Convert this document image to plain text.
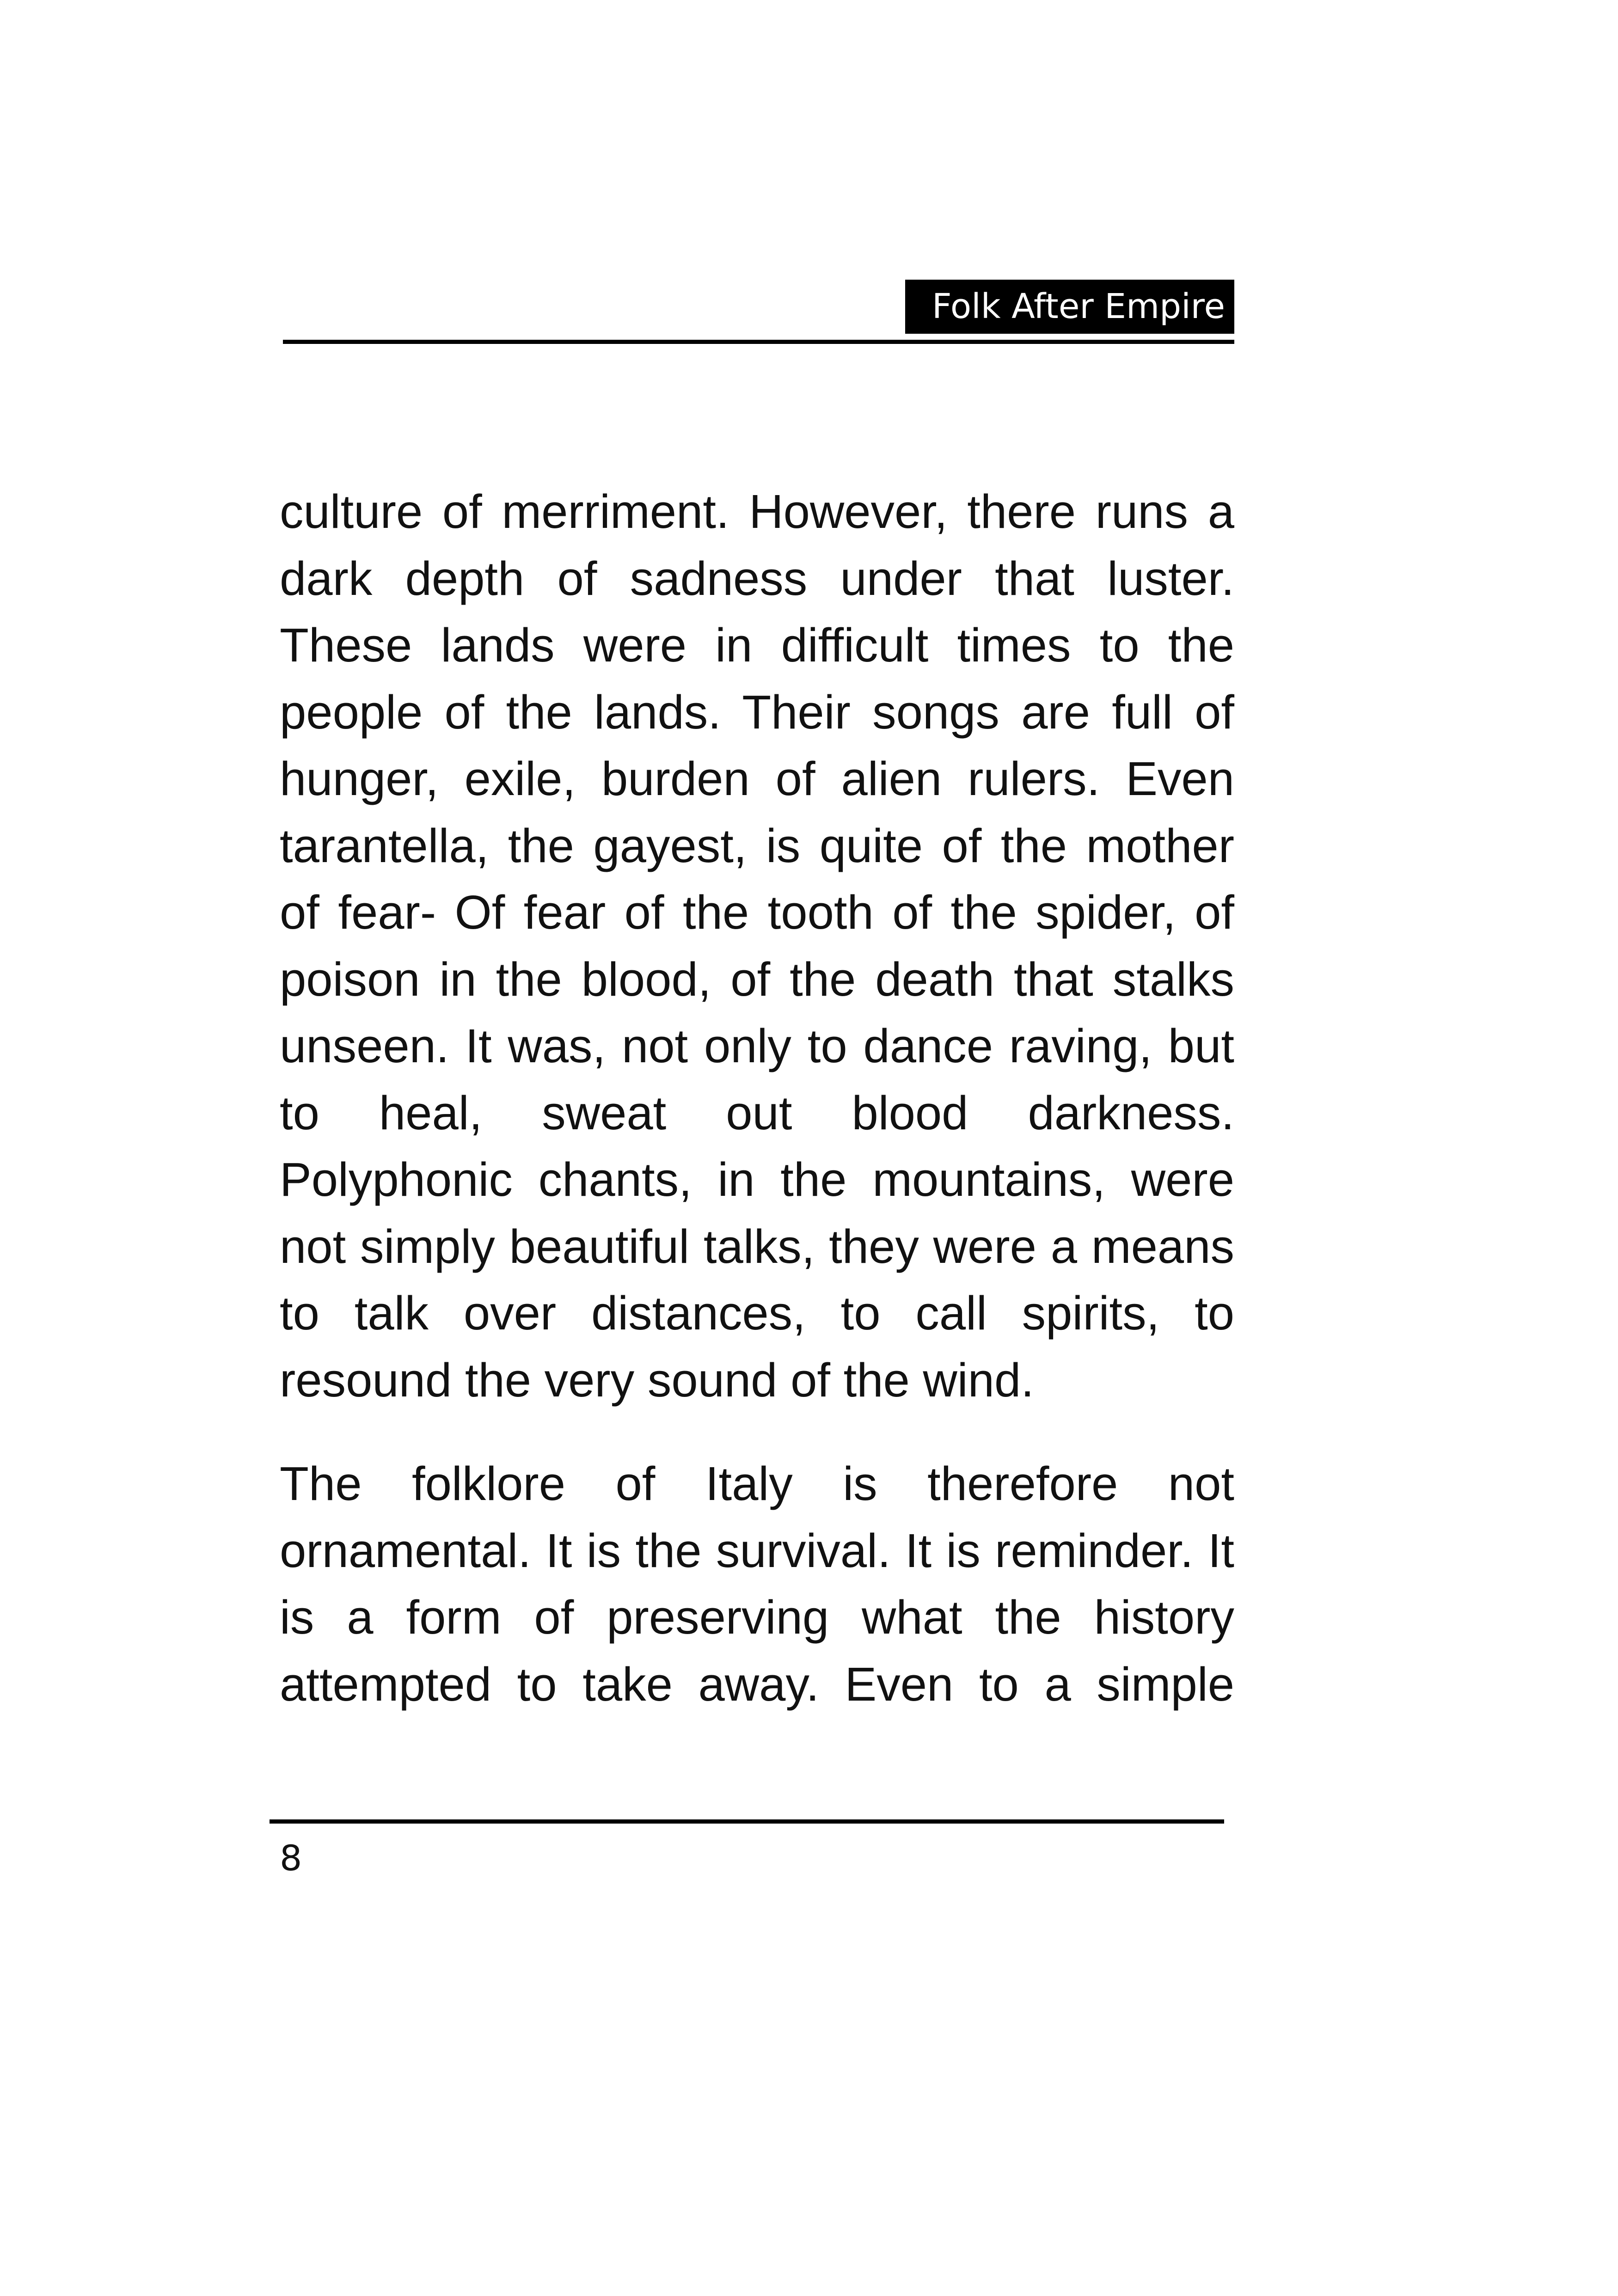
Folk After Empire

culture of merriment. However, there runs a dark depth of sadness under that luster. These lands were in difficult times to the people of the lands. Their songs are full of hunger, exile, burden of alien rulers. Even tarantella, the gayest, is quite of the mother of fear- Of fear of the tooth of the spider, of poison in the blood, of the death that stalks unseen. It was, not only to dance raving, but to heal, sweat out blood darkness. Polyphonic chants, in the mountains, were not simply beautiful talks, they were a means to talk over distances, to call spirits, to resound the very sound of the wind.

The folklore of Italy is therefore not ornamental. It is the survival. It is reminder. It is a form of preserving what the history attempted to take away. Even to a simple

8
